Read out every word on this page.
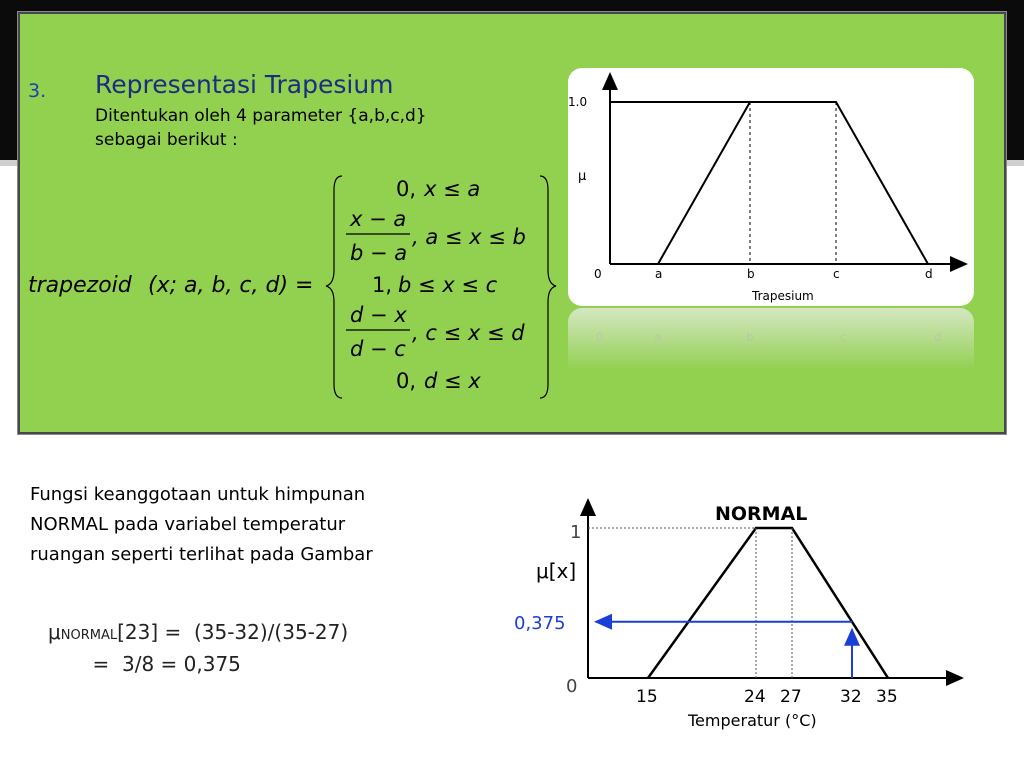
3. Representasi Trapesium
Ditentukan oleh 4 parameter {a,b,c,d}
sebagai berikut :
trapezoid (x; a, b, c, d) =
0, x ≤ a
x − a
b − a
, a ≤ x ≤ b
1, b ≤ x ≤ c
d − x
d − c
, c ≤ x ≤ d
0, d ≤ x
a	b	c	d
1.0
μ
0
Trapesium
0	a	b	c	d
Fungsi keanggotaan untuk himpunan
NORMAL pada variabel temperatur
ruangan seperti terlihat pada Gambar
μNORMAL[23] =  (35-32)/(35-27)
=  3/8 = 0,375
15	24 27 32 35
1
0
0,375
NORMAL
μ[x]
Temperatur (°C)
